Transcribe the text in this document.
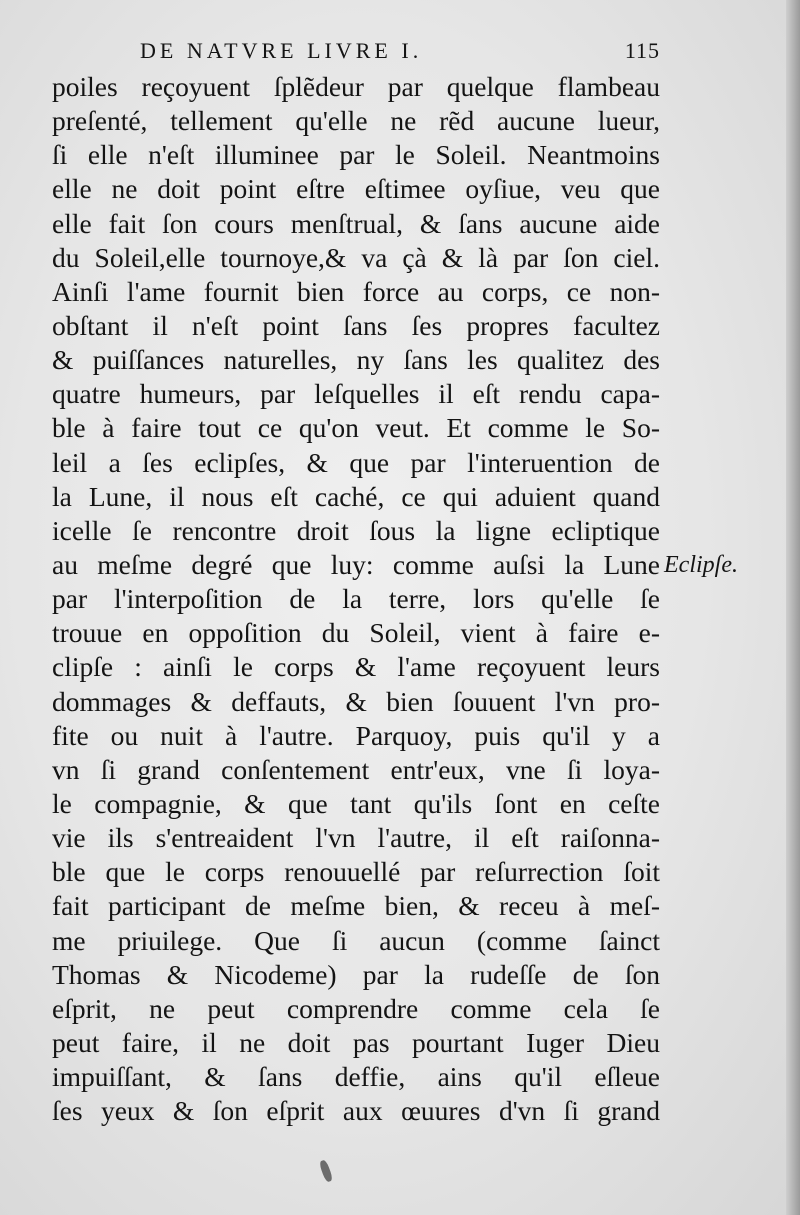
DE NATVRE LIVRE I.	115
poiles reçoyuent ſplẽdeur par quelque flambeau
preſenté, tellement qu'elle ne rẽd aucune lueur,
ſi elle n'eſt illuminee par le Soleil. Neantmoins
elle ne doit point eſtre eſtimee oyſiue, veu que
elle fait ſon cours menſtrual, & ſans aucune aide
du Soleil,elle tournoye,& va çà & là par ſon ciel.
Ainſi l'ame fournit bien force au corps, ce non-
obſtant il n'eſt point ſans ſes propres facultez
& puiſſances naturelles, ny ſans les qualitez des
quatre humeurs, par leſquelles il eſt rendu capa-
ble à faire tout ce qu'on veut. Et comme le So-
leil a ſes eclipſes, & que par l'interuention de
la Lune, il nous eſt caché, ce qui aduient quand
icelle ſe rencontre droit ſous la ligne ecliptique
au meſme degré que luy: comme auſsi la Lune
par l'interpoſition de la terre, lors qu'elle ſe
trouue en oppoſition du Soleil, vient à faire e-
clipſe : ainſi le corps & l'ame reçoyuent leurs
dommages & deffauts, & bien ſouuent l'vn pro-
fite ou nuit à l'autre. Parquoy, puis qu'il y a
vn ſi grand conſentement entr'eux, vne ſi loya-
le compagnie, & que tant qu'ils ſont en ceſte
vie ils s'entreaident l'vn l'autre, il eſt raiſonna-
ble que le corps renouuellé par reſurrection ſoit
fait participant de meſme bien, & receu à meſ-
me priuilege. Que ſi aucun (comme ſainct
Thomas & Nicodeme) par la rudeſſe de ſon
eſprit, ne peut comprendre comme cela ſe
peut faire, il ne doit pas pourtant Iuger Dieu
impuiſſant, & ſans deffie, ains qu'il eſleue
ſes yeux & ſon eſprit aux œuures d'vn ſi grand
Eclipſe.
